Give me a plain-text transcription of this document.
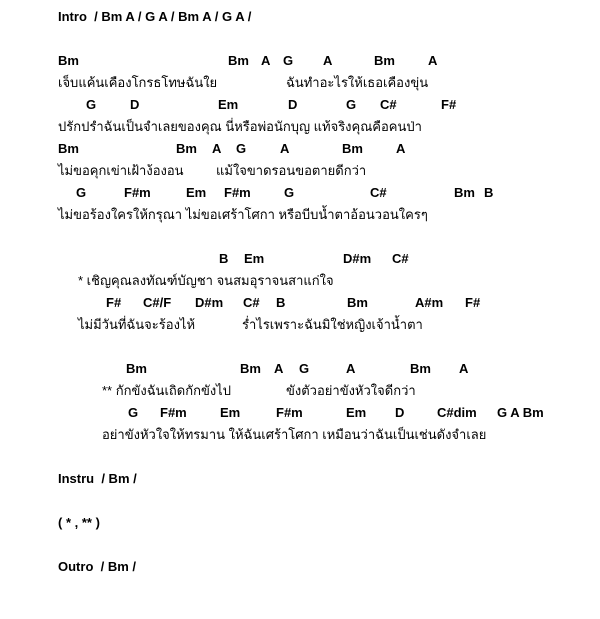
Intro  / Bm A / G A / Bm A / G A /
Bm	Bm A G A	Bm	A
เจ็บแค้นเคืองโกรธโทษฉันใย	ฉันทำอะไรให้เธอเคืองขุ่น
G	D	Em	D	G C#	F#
ปรักปรำฉันเป็นจำเลยของคุณ นี่หรือพ่อนักบุญ แท้จริงคุณคือคนป่า
Bm	Bm A G	A	Bm	A
ไม่ขอคุกเข่าเฝ้าง้องอน แม้ใจขาดรอนขอตายดีกว่า
G	F#m	Em F#m	G	C#	Bm B
ไม่ขอร้องใครให้กรุณา ไม่ขอเศร้าโศกา หรือบีบน้ำตาอ้อนวอนใครๆ
B Em	D#m C#
* เชิญคุณลงทัณฑ์บัญชา จนสมอุราจนสาแก่ใจ
F# C#/F D#m C# B	Bm	A#m F#
ไม่มีวันที่ฉันจะร้องไห้	ร่ำไรเพราะฉันมิใช่หญิงเจ้าน้ำตา
Bm	Bm A G	A	Bm A
** กักขังฉันเถิดกักขังไป	ขังตัวอย่าขังหัวใจดีกว่า
G F#m	Em	F#m	Em D	C#dim G A Bm
อย่าขังหัวใจให้ทรมาน ให้ฉันเศร้าโศกา เหมือนว่าฉันเป็นเช่นดังจำเลย
Instru  / Bm /
( * , ** )
Outro  / Bm /
